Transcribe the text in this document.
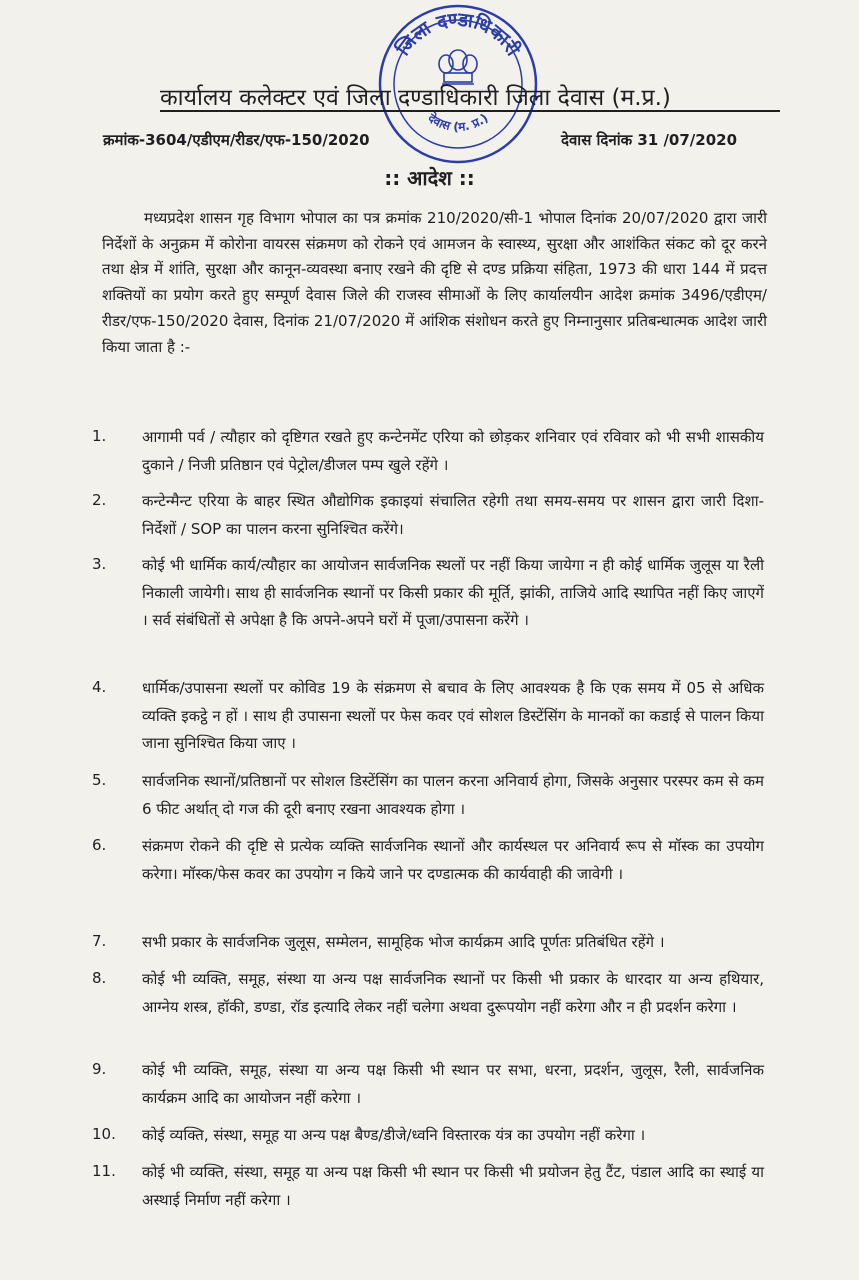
जिला दण्डाधिकारी
देवास (म. प्र.)
कार्यालय कलेक्टर एवं जिला दण्डाधिकारी जिला देवास (म.प्र.)
क्रमांक-3604/एडीएम/रीडर/एफ-150/2020	देवास दिनांक 31 /07/2020
:: आदेश ::
मध्यप्रदेश शासन गृह विभाग भोपाल का पत्र क्रमांक 210/2020/सी-1 भोपाल दिनांक 20/07/2020 द्वारा जारी निर्देशों के अनुक्रम में कोरोना वायरस संक्रमण को रोकने एवं आमजन के स्वास्थ्य, सुरक्षा और आशंकित संकट को दूर करने तथा क्षेत्र में शांति, सुरक्षा और कानून-व्यवस्था बनाए रखने की दृष्टि से दण्ड प्रक्रिया संहिता, 1973 की धारा 144 में प्रदत्त शक्तियों का प्रयोग करते हुए सम्पूर्ण देवास जिले की राजस्व सीमाओं के लिए कार्यालयीन आदेश क्रमांक 3496/एडीएम/रीडर/एफ-150/2020 देवास, दिनांक 21/07/2020 में आंशिक संशोधन करते हुए निम्नानुसार प्रतिबन्धात्मक आदेश जारी किया जाता है :-
1.	आगामी पर्व / त्यौहार को दृष्टिगत रखते हुए कन्टेनमेंट एरिया को छोड़कर शनिवार एवं रविवार को भी सभी शासकीय दुकाने / निजी प्रतिष्ठान एवं पेट्रोल/डीजल पम्प खुले रहेंगे ।
2.	कन्टेन्मैन्ट एरिया के बाहर स्थित औद्योगिक इकाइयां संचालित रहेगी तथा समय-समय पर शासन द्वारा जारी दिशा-निर्देशों / SOP का पालन करना सुनिश्चित करेंगे।
3.	कोई भी धार्मिक कार्य/त्यौहार का आयोजन सार्वजनिक स्थलों पर नहीं किया जायेगा न ही कोई धार्मिक जुलूस या रैली निकाली जायेगी। साथ ही सार्वजनिक स्थानों पर किसी प्रकार की मूर्ति, झांकी, ताजिये आदि स्थापित नहीं किए जाएगें । सर्व संबंधितों से अपेक्षा है कि अपने-अपने घरों में पूजा/उपासना करेंगे ।
4.	धार्मिक/उपासना स्थलों पर कोविड 19 के संक्रमण से बचाव के लिए आवश्यक है कि एक समय में 05 से अधिक व्यक्ति इकट्ठे न हों । साथ ही उपासना स्थलों पर फेस कवर एवं सोशल डिस्टेंसिंग के मानकों का कडाई से पालन किया जाना सुनिश्चित किया जाए ।
5.	सार्वजनिक स्थानों/प्रतिष्ठानों पर सोशल डिस्टेंसिंग का पालन करना अनिवार्य होगा, जिसके अनुसार परस्पर कम से कम 6 फीट अर्थात् दो गज की दूरी बनाए रखना आवश्यक होगा ।
6.	संक्रमण रोकने की दृष्टि से प्रत्येक व्यक्ति सार्वजनिक स्थानों और कार्यस्थल पर अनिवार्य रूप से मॉस्क का उपयोग करेगा। मॉस्क/फेस कवर का उपयोग न किये जाने पर दण्डात्मक की कार्यवाही की जावेगी ।
7.	सभी प्रकार के सार्वजनिक जुलूस, सम्मेलन, सामूहिक भोज कार्यक्रम आदि पूर्णतः प्रतिबंधित रहेंगे ।
8.	कोई भी व्यक्ति, समूह, संस्था या अन्य पक्ष सार्वजनिक स्थानों पर किसी भी प्रकार के धारदार या अन्य हथियार, आग्नेय शस्त्र, हॉकी, डण्डा, रॉड इत्यादि लेकर नहीं चलेगा अथवा दुरूपयोग नहीं करेगा और न ही प्रदर्शन करेगा ।
9.	कोई भी व्यक्ति, समूह, संस्था या अन्य पक्ष किसी भी स्थान पर सभा, धरना, प्रदर्शन, जुलूस, रैली, सार्वजनिक कार्यक्रम आदि का आयोजन नहीं करेगा ।
10.	कोई व्यक्ति, संस्था, समूह या अन्य पक्ष बैण्ड/डीजे/ध्वनि विस्तारक यंत्र का उपयोग नहीं करेगा ।
11.	कोई भी व्यक्ति, संस्था, समूह या अन्य पक्ष किसी भी स्थान पर किसी भी प्रयोजन हेतु टैंट, पंडाल आदि का स्थाई या अस्थाई निर्माण नहीं करेगा ।
